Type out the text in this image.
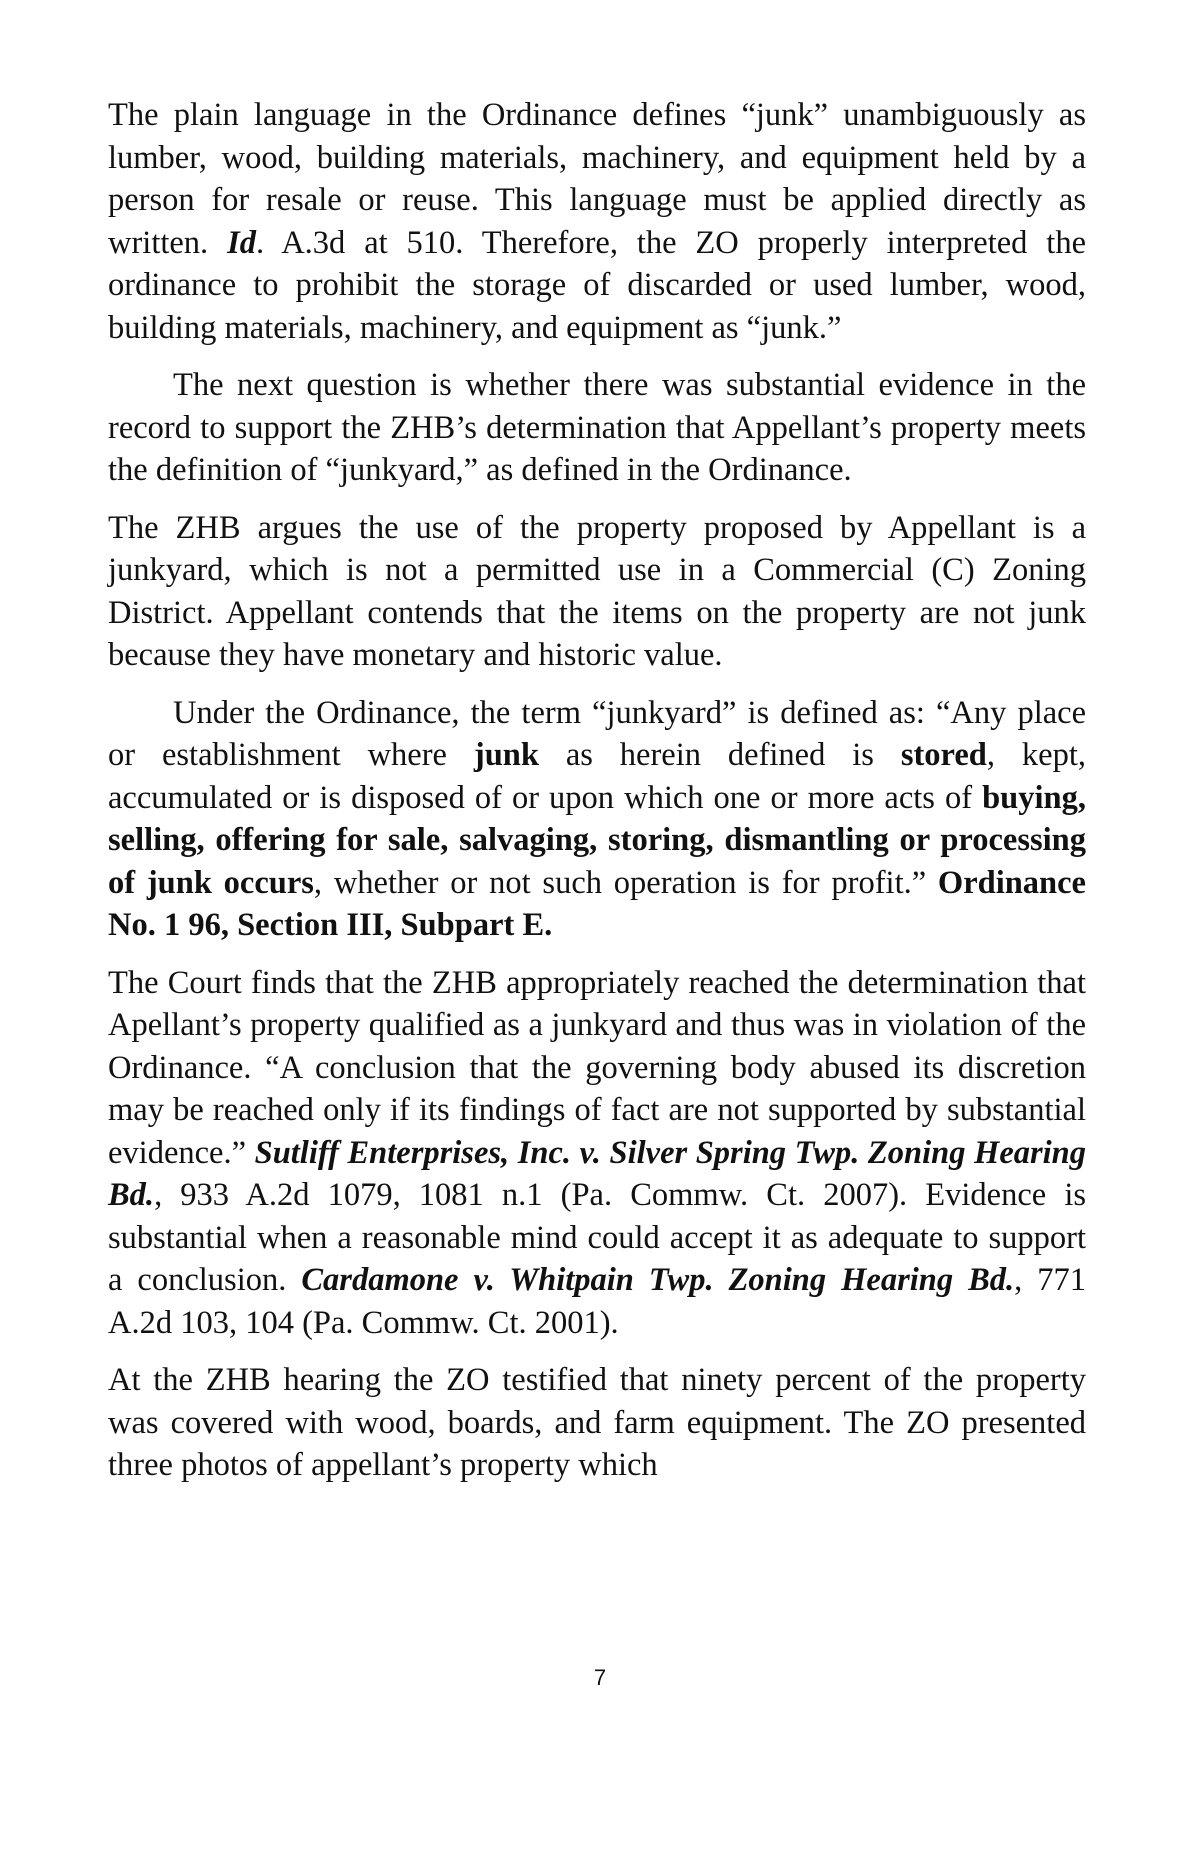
The plain language in the Ordinance defines “junk” unambiguously as lumber, wood, building materials, machinery, and equipment held by a person for resale or reuse. This language must be applied directly as written. Id. A.3d at 510. Therefore, the ZO properly interpreted the ordinance to prohibit the storage of discarded or used lumber, wood, building materials, machinery, and equipment as “junk.”

The next question is whether there was substantial evidence in the record to support the ZHB’s determination that Appellant’s property meets the definition of “junkyard,” as defined in the Ordinance.

The ZHB argues the use of the property proposed by Appellant is a junkyard, which is not a permitted use in a Commercial (C) Zoning District. Appellant contends that the items on the property are not junk because they have monetary and historic value.

Under the Ordinance, the term “junkyard” is defined as: “Any place or establishment where junk as herein defined is stored, kept, accumulated or is disposed of or upon which one or more acts of buying, selling, offering for sale, salvaging, storing, dismantling or processing of junk occurs, whether or not such operation is for profit.” Ordinance No. 1 96, Section III, Subpart E.

The Court finds that the ZHB appropriately reached the determination that Apellant’s property qualified as a junkyard and thus was in violation of the Ordinance. “A conclusion that the governing body abused its discretion may be reached only if its findings of fact are not supported by substantial evidence.” Sutliff Enterprises, Inc. v. Silver Spring Twp. Zoning Hearing Bd., 933 A.2d 1079, 1081 n.1 (Pa. Commw. Ct. 2007). Evidence is substantial when a reasonable mind could accept it as adequate to support a conclusion. Cardamone v. Whitpain Twp. Zoning Hearing Bd., 771 A.2d 103, 104 (Pa. Commw. Ct. 2001).

At the ZHB hearing the ZO testified that ninety percent of the property was covered with wood, boards, and farm equipment. The ZO presented three photos of appellant’s property which

7
